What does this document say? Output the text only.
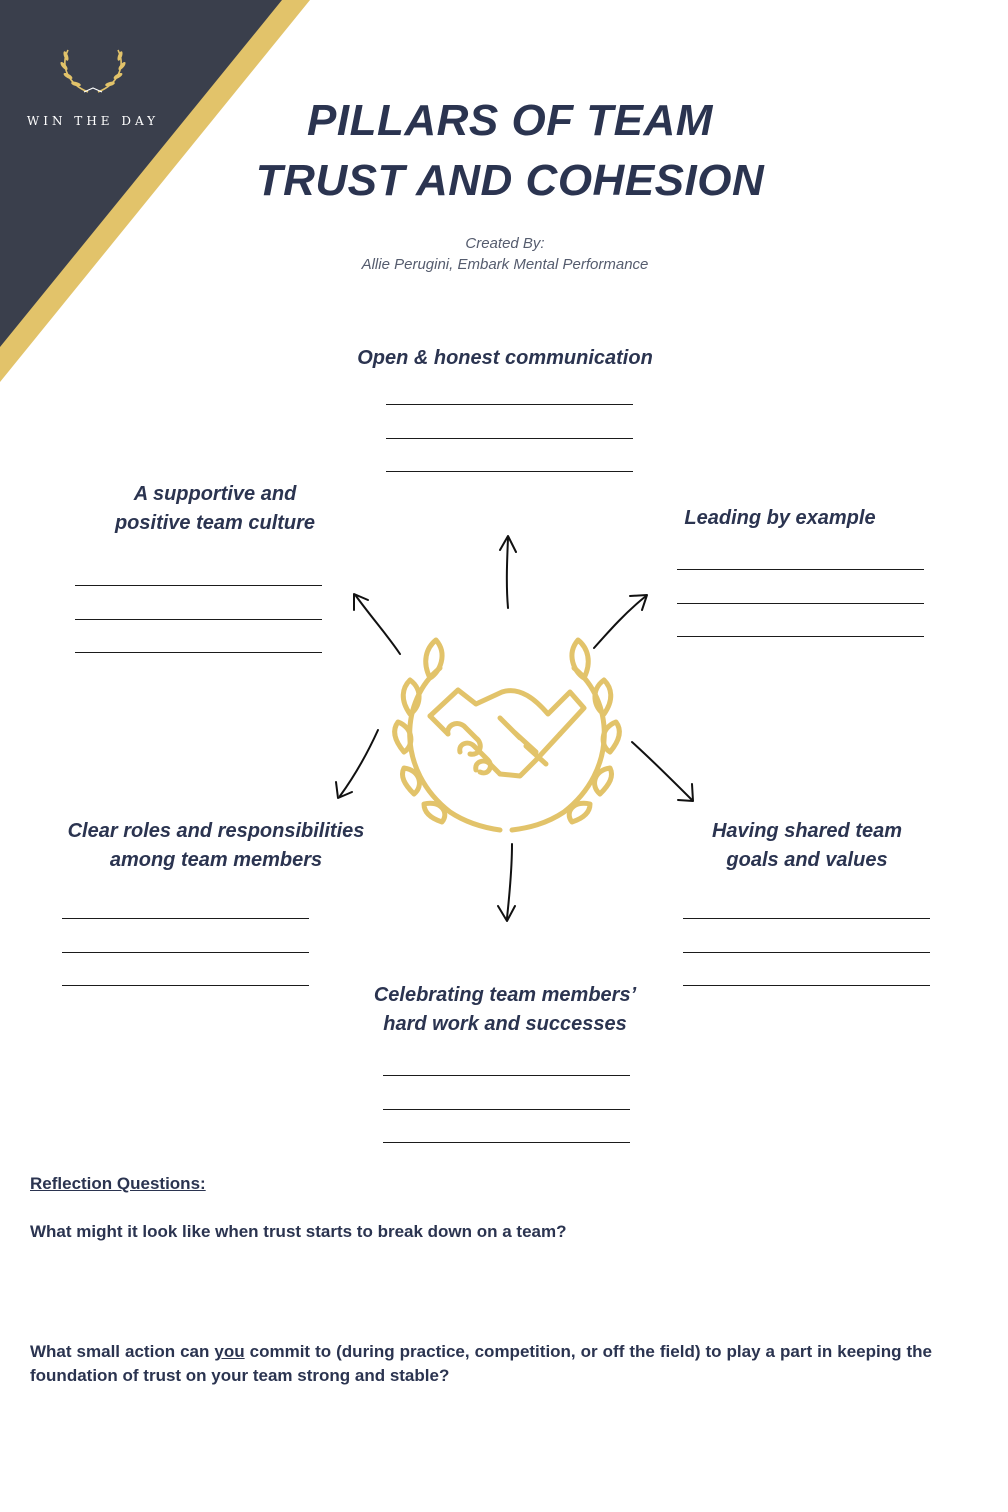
WIN THE DAY	PILLARS OF TEAM
TRUST AND COHESION
Created By:
Allie Perugini, Embark Mental Performance
Open & honest communication
A supportive and
positive team culture	Leading by example
Clear roles and responsibilities
among team members
Having shared team
goals and values
Celebrating team members’
hard work and successes
Reflection Questions:
What might it look like when trust starts to break down on a team?
What small action can you commit to (during practice, competition, or off the field) to play a part in keeping the foundation of trust on your team strong and stable?
